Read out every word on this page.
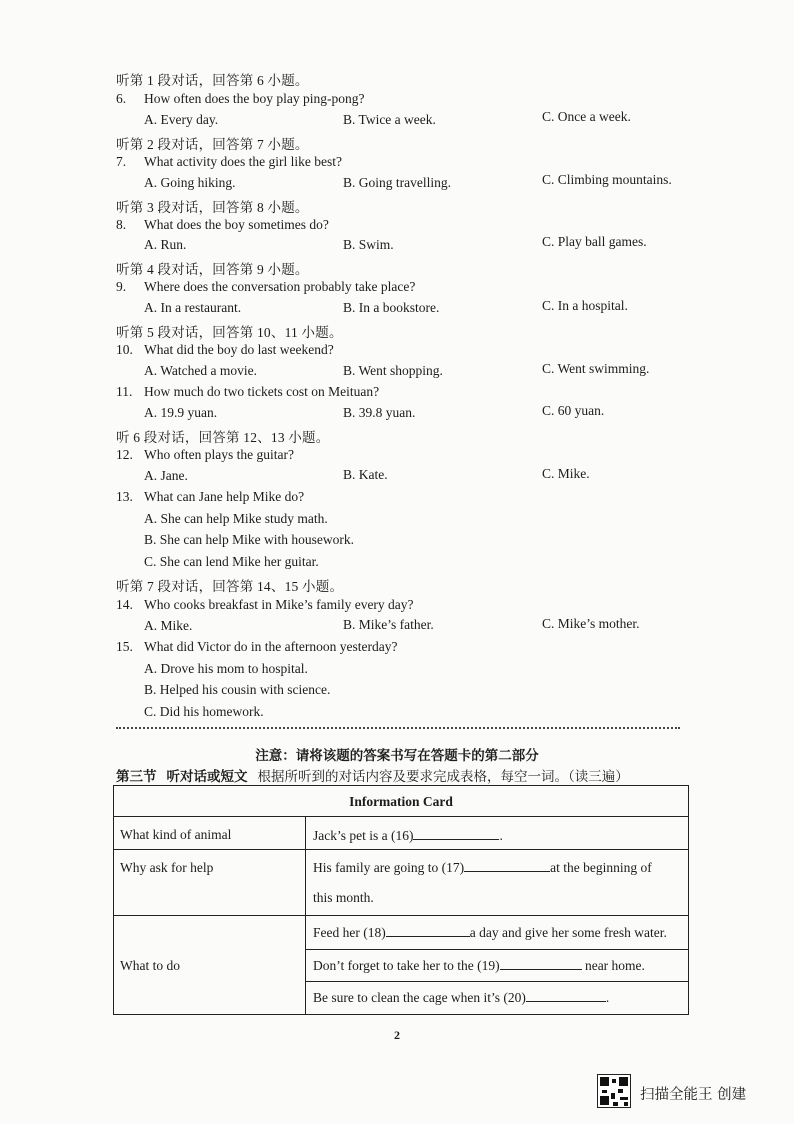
听第 1 段对话，回答第 6 小题。
6. How often does the boy play ping-pong?
A. Every day.	B. Twice a week.	C. Once a week.
听第 2 段对话，回答第 7 小题。
7. What activity does the girl like best?
A. Going hiking.	B. Going travelling.	C. Climbing mountains.
听第 3 段对话，回答第 8 小题。
8. What does the boy sometimes do?
A. Run.	B. Swim.	C. Play ball games.
听第 4 段对话，回答第 9 小题。
9. Where does the conversation probably take place?
A. In a restaurant.	B. In a bookstore.	C. In a hospital.
听第 5 段对话，回答第 10、11 小题。
10. What did the boy do last weekend?
A. Watched a movie.	B. Went shopping.	C. Went swimming.
11. How much do two tickets cost on Meituan?
A. 19.9 yuan.	B. 39.8 yuan.	C. 60 yuan.
听 6 段对话，回答第 12、13 小题。
12. Who often plays the guitar?
A. Jane.	B. Kate.	C. Mike.
13. What can Jane help Mike do?
A. She can help Mike study math.
B. She can help Mike with housework.
C. She can lend Mike her guitar.
听第 7 段对话，回答第 14、15 小题。
14. Who cooks breakfast in Mike’s family every day?
A. Mike.	B. Mike’s father.	C. Mike’s mother.
15. What did Victor do in the afternoon yesterday?
A. Drove his mom to hospital.
B. Helped his cousin with science.
C. Did his homework.
注意：请将该题的答案书写在答题卡的第二部分
第三节 听对话或短文 根据所听到的对话内容及要求完成表格，每空一词。（读三遍）
Information Card
What kind of animal	Jack’s pet is a (16)	.
Why ask for help	His family are going to (17)	at the beginning of
this month.
What to do
Feed her (18)	a day and give her some fresh water.
Don’t forget to take her to the (19)	near home.
Be sure to clean the cage when it’s (20)	.
2
扫描全能王 创建
